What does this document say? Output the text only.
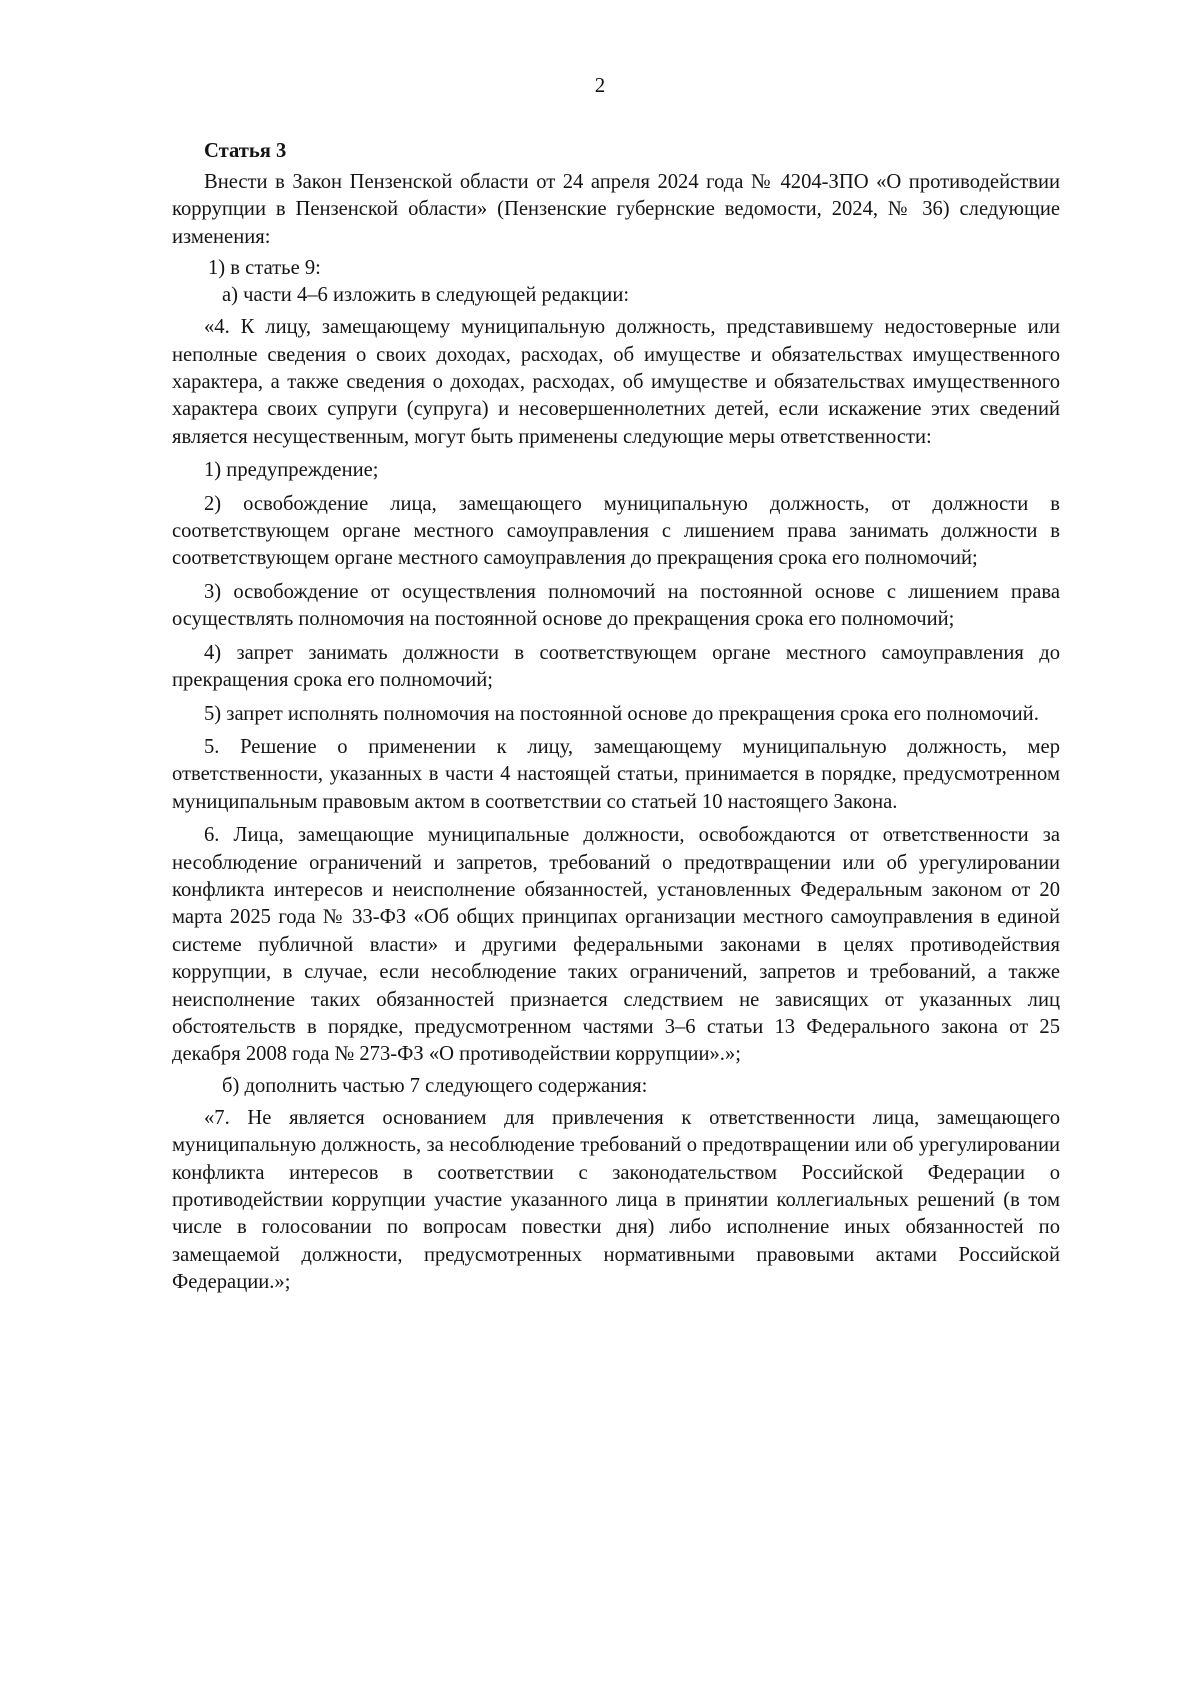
2
Статья 3

Внести в Закон Пензенской области от 24 апреля 2024 года № 4204-ЗПО «О противодействии коррупции в Пензенской области» (Пензенские губернские ведомости, 2024, № 36) следующие изменения:

1) в статье 9:
а) части 4–6 изложить в следующей редакции:

«4. К лицу, замещающему муниципальную должность, представившему недостоверные или неполные сведения о своих доходах, расходах, об имуществе и обязательствах имущественного характера, а также сведения о доходах, расходах, об имуществе и обязательствах имущественного характера своих супруги (супруга) и несовершеннолетних детей, если искажение этих сведений является несущественным, могут быть применены следующие меры ответственности:

1) предупреждение;

2) освобождение лица, замещающего муниципальную должность, от должности в соответствующем органе местного самоуправления с лишением права занимать должности в соответствующем органе местного самоуправления до прекращения срока его полномочий;

3) освобождение от осуществления полномочий на постоянной основе с лишением права осуществлять полномочия на постоянной основе до прекращения срока его полномочий;

4) запрет занимать должности в соответствующем органе местного самоуправления до прекращения срока его полномочий;

5) запрет исполнять полномочия на постоянной основе до прекращения срока его полномочий.

5. Решение о применении к лицу, замещающему муниципальную должность, мер ответственности, указанных в части 4 настоящей статьи, принимается в порядке, предусмотренном муниципальным правовым актом в соответствии со статьей 10 настоящего Закона.

6. Лица, замещающие муниципальные должности, освобождаются от ответственности за несоблюдение ограничений и запретов, требований о предотвращении или об урегулировании конфликта интересов и неисполнение обязанностей, установленных Федеральным законом от 20 марта 2025 года № 33-ФЗ «Об общих принципах организации местного самоуправления в единой системе публичной власти» и другими федеральными законами в целях противодействия коррупции, в случае, если несоблюдение таких ограничений, запретов и требований, а также неисполнение таких обязанностей признается следствием не зависящих от указанных лиц обстоятельств в порядке, предусмотренном частями 3–6 статьи 13 Федерального закона от 25 декабря 2008 года № 273-ФЗ «О противодействии коррупции».»;

б) дополнить частью 7 следующего содержания:

«7. Не является основанием для привлечения к ответственности лица, замещающего муниципальную должность, за несоблюдение требований о предотвращении или об урегулировании конфликта интересов в соответствии с законодательством Российской Федерации о противодействии коррупции участие указанного лица в принятии коллегиальных решений (в том числе в голосовании по вопросам повестки дня) либо исполнение иных обязанностей по замещаемой должности, предусмотренных нормативными правовыми актами Российской Федерации.»;
